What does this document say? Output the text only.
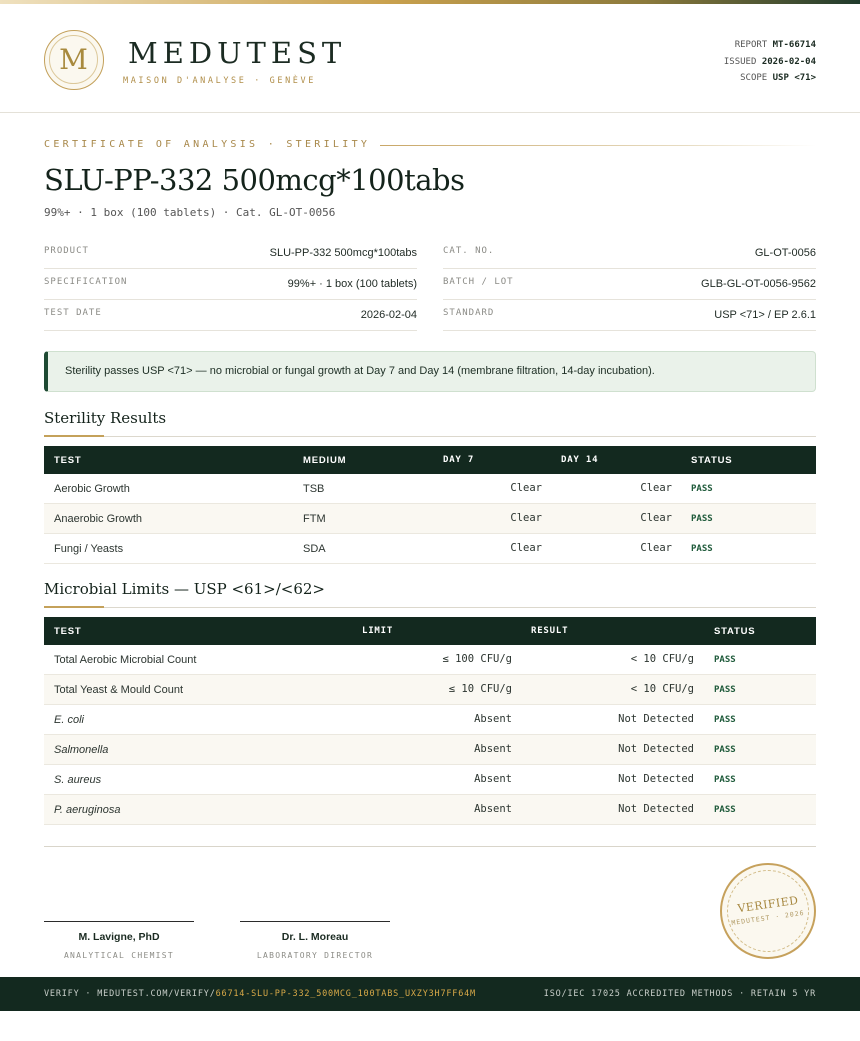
M	MEDUTEST
MAISON D'ANALYSE · GENÈVE
REPORT MT-66714
ISSUED 2026-02-04
SCOPE USP <71>
CERTIFICATE OF ANALYSIS · STERILITY
SLU-PP-332 500mcg*100tabs
99%+ · 1 box (100 tablets) · Cat. GL-OT-0056
PRODUCT	SLU-PP-332 500mcg*100tabs
SPECIFICATION	99%+ · 1 box (100 tablets)
TEST DATE	2026-02-04
CAT. NO.	GL-OT-0056
BATCH / LOT	GLB-GL-OT-0056-9562
STANDARD	USP <71> / EP 2.6.1
Sterility passes USP <71> — no microbial or fungal growth at Day 7 and Day 14 (membrane filtration, 14-day incubation).
Sterility Results
TEST	MEDIUM	DAY 7	DAY 14	STATUS
Aerobic Growth	TSB	Clear	Clear PASS
Anaerobic Growth	FTM	Clear	Clear PASS
Fungi / Yeasts	SDA	Clear	Clear PASS
Microbial Limits — USP <61>/<62>
TEST	LIMIT	RESULT	STATUS
Total Aerobic Microbial Count	≤ 100 CFU/g	< 10 CFU/g PASS
Total Yeast & Mould Count	≤ 10 CFU/g	< 10 CFU/g PASS
E. coli	Absent	Not Detected PASS
Salmonella	Absent	Not Detected PASS
S. aureus	Absent	Not Detected PASS
P. aeruginosa	Absent	Not Detected PASS
M. Lavigne, PhD
ANALYTICAL CHEMIST
Dr. L. Moreau
LABORATORY DIRECTOR
VERIFIED
MEDUTEST · 2026
VERIFY · MEDUTEST.COM/VERIFY/66714-SLU-PP-332_500MCG_100TABS_UXZY3H7FF64M	ISO/IEC 17025 ACCREDITED METHODS · RETAIN 5 YR
